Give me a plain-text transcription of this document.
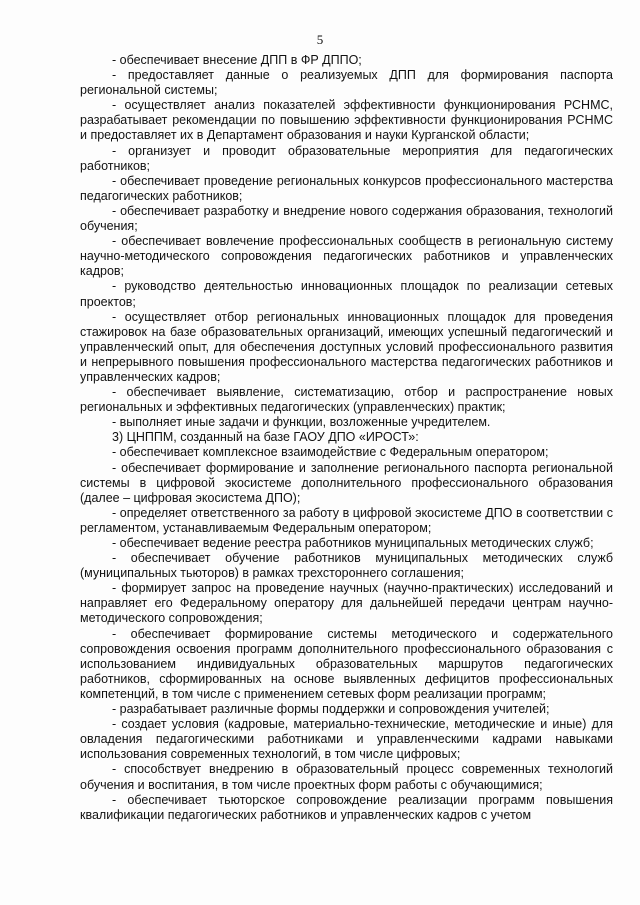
5

- обеспечивает внесение ДПП в ФР ДППО;

- предоставляет данные о реализуемых ДПП для формирования паспорта региональной системы;

- осуществляет анализ показателей эффективности функционирования РСНМС, разрабатывает рекомендации по повышению эффективности функционирования РСНМС и предоставляет их в Департамент образования и науки Курганской области;

- организует и проводит образовательные мероприятия для педагогических работников;

- обеспечивает проведение региональных конкурсов профессионального мастерства педагогических работников;

- обеспечивает разработку и внедрение нового содержания образования, технологий обучения;

- обеспечивает вовлечение профессиональных сообществ в региональную систему научно-методического сопровождения педагогических работников и управленческих кадров;

- руководство деятельностью инновационных площадок по реализации сетевых проектов;

- осуществляет отбор региональных инновационных площадок для проведения стажировок на базе образовательных организаций, имеющих успешный педагогический и управленческий опыт, для обеспечения доступных условий профессионального развития и непрерывного повышения профессионального мастерства педагогических работников и управленческих кадров;

- обеспечивает выявление, систематизацию, отбор и распространение новых региональных и эффективных педагогических (управленческих) практик;

- выполняет иные задачи и функции, возложенные учредителем.

3) ЦНППМ, созданный на базе ГАОУ ДПО «ИРОСТ»:

- обеспечивает комплексное взаимодействие с Федеральным оператором;

- обеспечивает формирование и заполнение регионального паспорта региональной системы в цифровой экосистеме дополнительного профессионального образования (далее – цифровая экосистема ДПО);

- определяет ответственного за работу в цифровой экосистеме ДПО в соответствии с регламентом, устанавливаемым Федеральным оператором;

- обеспечивает ведение реестра работников муниципальных методических служб;

- обеспечивает обучение работников муниципальных методических служб (муниципальных тьюторов) в рамках трехстороннего соглашения;

- формирует запрос на проведение научных (научно-практических) исследований и направляет его Федеральному оператору для дальнейшей передачи центрам научно-методического сопровождения;

- обеспечивает формирование системы методического и содержательного сопровождения освоения программ дополнительного профессионального образования с использованием индивидуальных образовательных маршрутов педагогических работников, сформированных на основе выявленных дефицитов профессиональных компетенций, в том числе с применением сетевых форм реализации программ;

- разрабатывает различные формы поддержки и сопровождения учителей;

- создает условия (кадровые, материально-технические, методические и иные) для овладения педагогическими работниками и управленческими кадрами навыками использования современных технологий, в том числе цифровых;

- способствует внедрению в образовательный процесс современных технологий обучения и воспитания, в том числе проектных форм работы с обучающимися;

- обеспечивает тьюторское сопровождение реализации программ повышения квалификации педагогических работников и управленческих кадров с учетом
